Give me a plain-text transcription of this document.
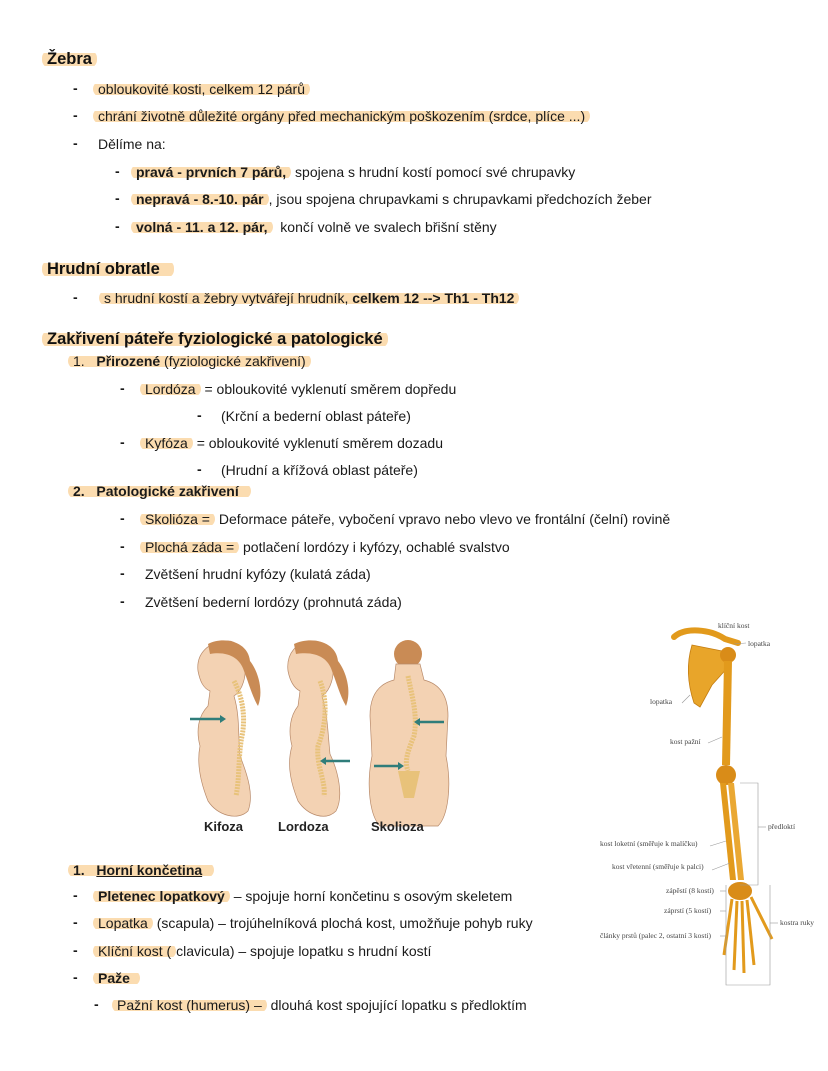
Žebra
- obloukovité kosti, celkem 12 párů
- chrání životně důležité orgány před mechanickým poškozením (srdce, plíce ...)
- Dělíme na:
- pravá - prvních 7 párů, spojena s hrudní kostí pomocí své chrupavky
- nepravá - 8.-10. pár , jsou spojena chrupavkami s chrupavkami předchozích žeber
- volná - 11. a 12. pár,  končí volně ve svalech břišní stěny
Hrudní obratle
- s hrudní kostí a žebry vytvářejí hrudník, celkem 12 --> Th1 - Th12
Zakřivení páteře fyziologické a patologické
1. Přirozené (fyziologické zakřivení)
- Lordóza = obloukovité vyklenutí směrem dopředu
- (Krční a bederní oblast páteře)
- Kyfóza = obloukovité vyklenutí směrem dozadu
- (Hrudní a křížová oblast páteře)
2. Patologické zakřivení
- Skolióza = Deformace páteře, vybočení vpravo nebo vlevo ve frontální (čelní) rovině
- Plochá záda = potlačení lordózy i kyfózy, ochablé svalstvo
- Zvětšení hrudní kyfózy (kulatá záda)
- Zvětšení bederní lordózy (prohnutá záda)
Kifoza	Lordoza	Skolioza
klíční kost
lopatka
lopatka
kost pažní
předloktí
kost loketní (směřuje k malíčku)
kost vřetenní (směřuje k palci)
zápěstí (8 kostí)
záprstí (5 kostí)
články prstů (palec 2, ostatní 3 kosti)
kostra ruky
1. Horní končetina
- Pletenec lopatkový – spojuje horní končetinu s osovým skeletem
- Lopatka (scapula) – trojúhelníková plochá kost, umožňuje pohyb ruky
- Klíční kost ( clavicula) – spojuje lopatku s hrudní kostí
- Paže
- Pažní kost (humerus) – dlouhá kost spojující lopatku s předloktím
